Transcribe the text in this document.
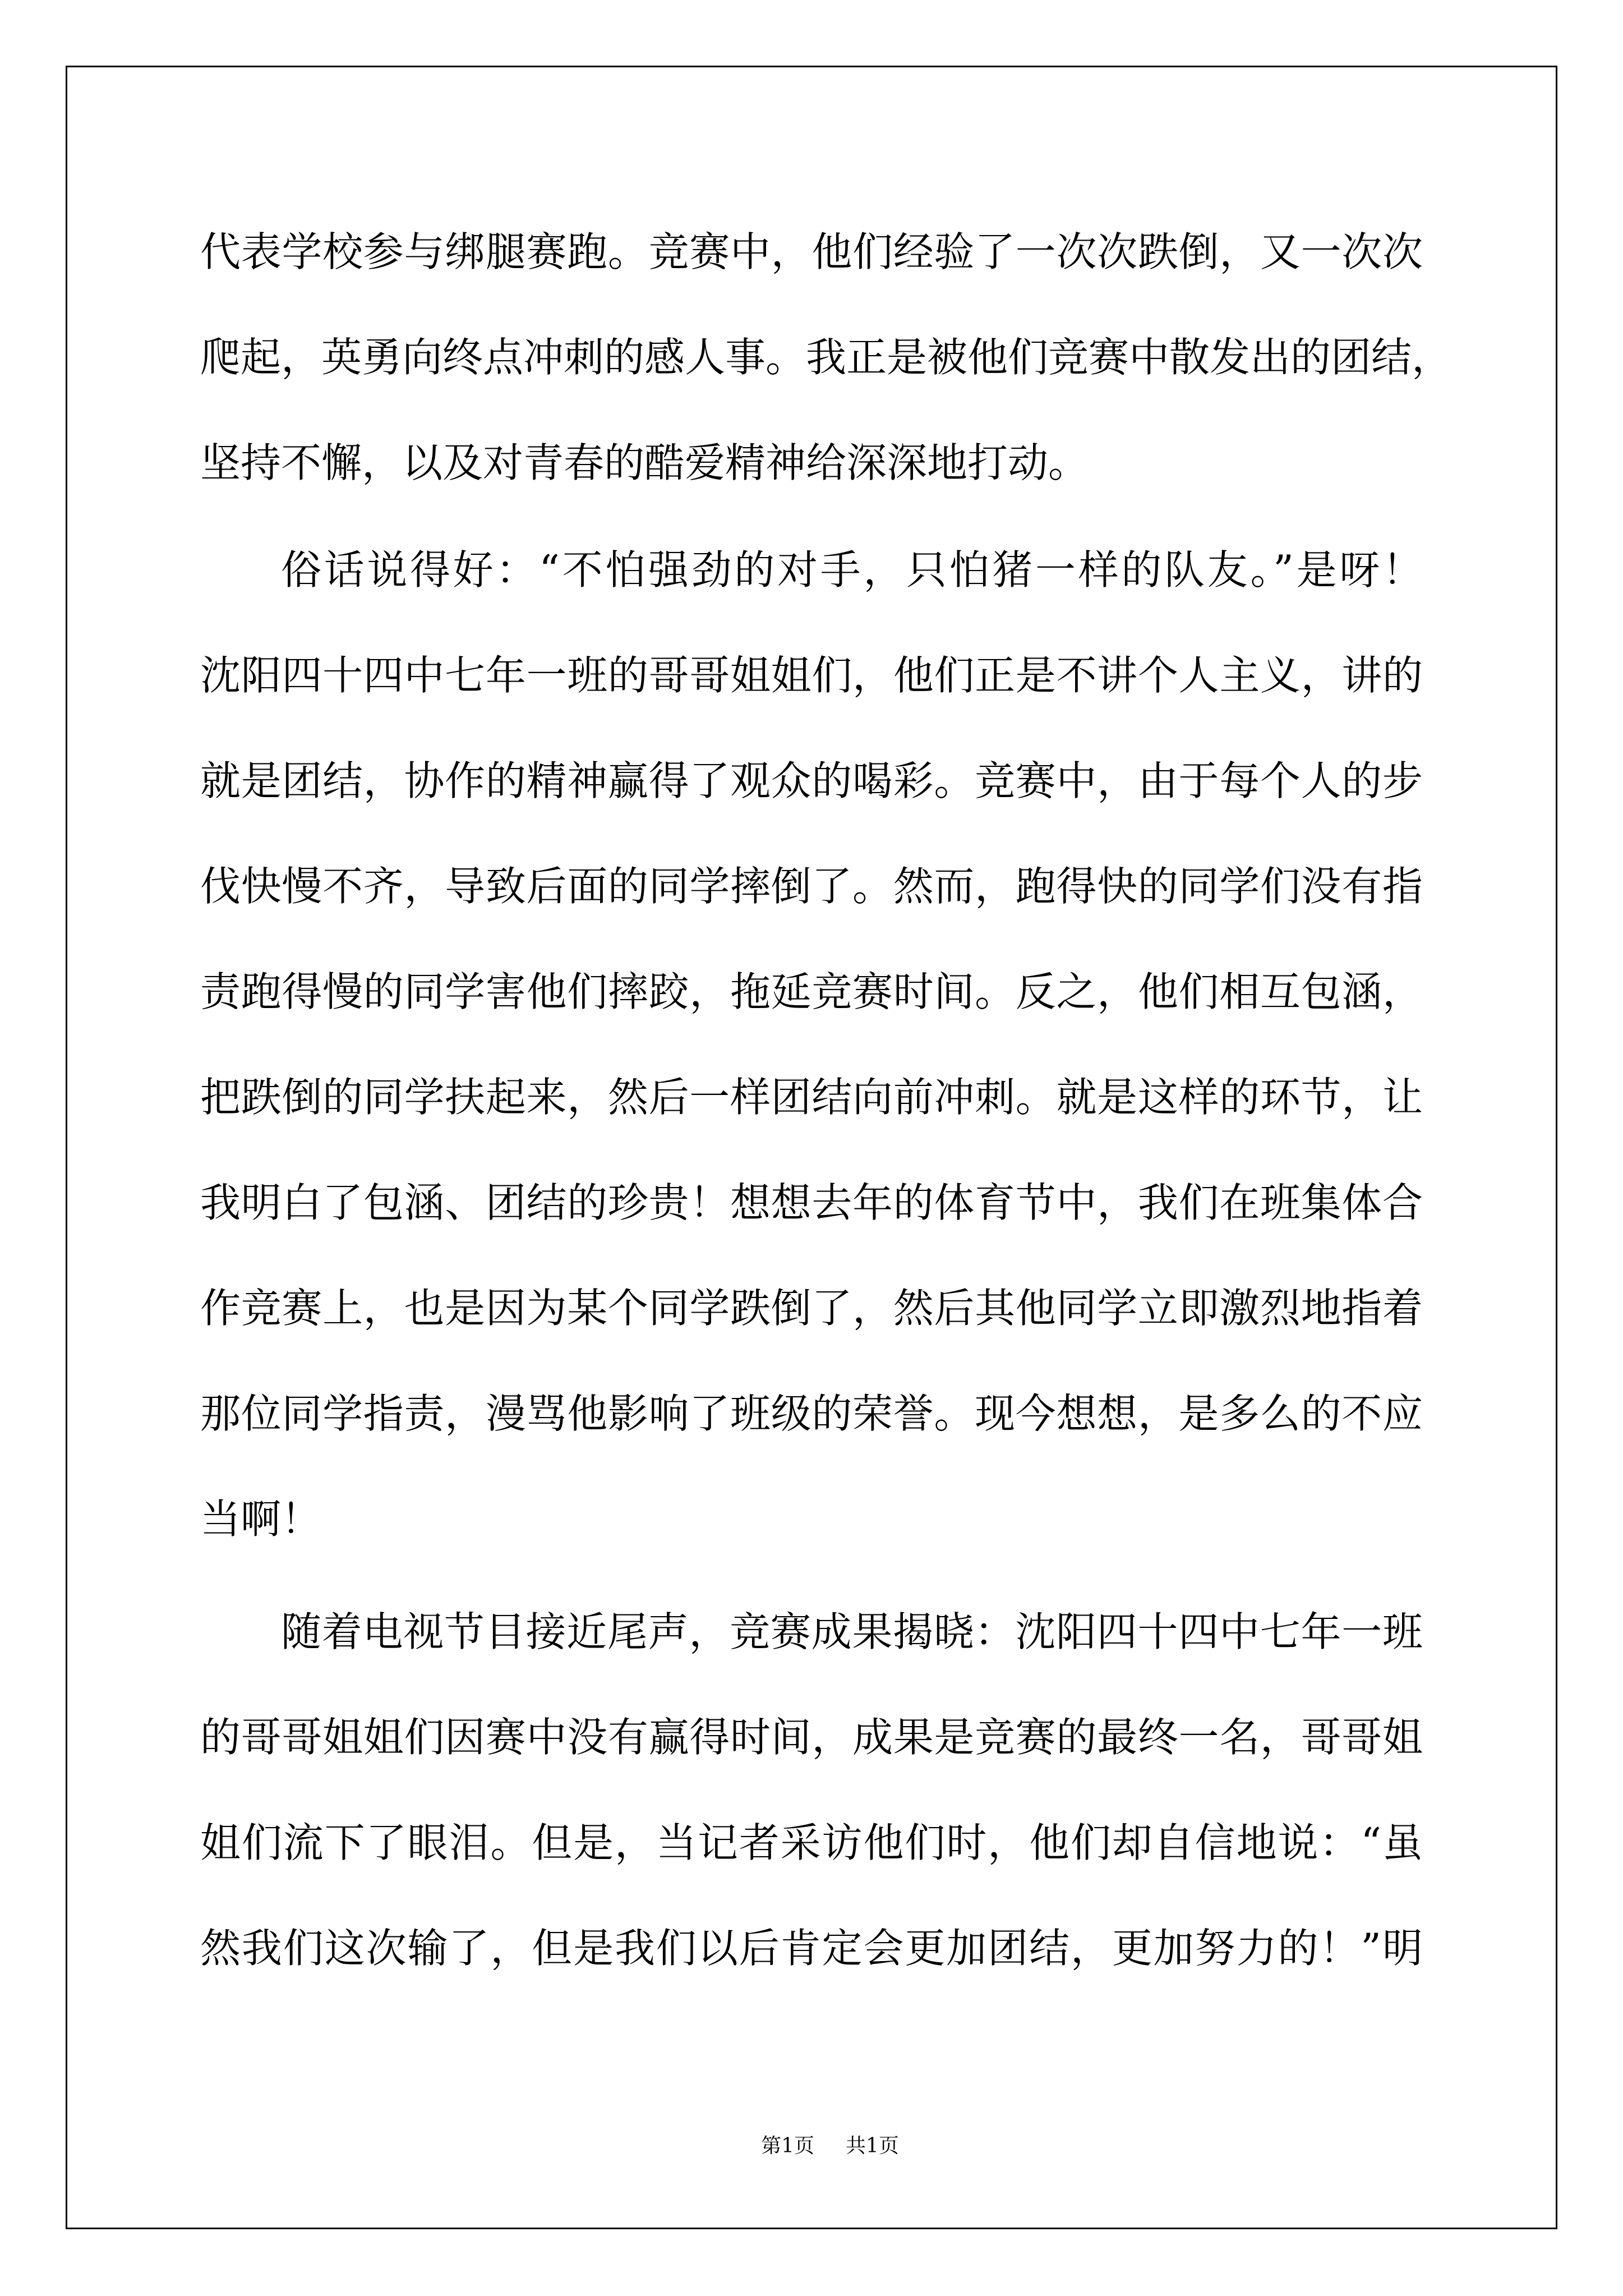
代表学校参与绑腿赛跑。竞赛中，他们经验了一次次跌倒，又一次次
爬起，英勇向终点冲刺的感人事。我正是被他们竞赛中散发出的团结，
坚持不懈，以及对青春的酷爱精神给深深地打动。
俗话说得好：“不怕强劲的对手，只怕猪一样的队友。”是呀！
沈阳四十四中七年一班的哥哥姐姐们，他们正是不讲个人主义，讲的
就是团结，协作的精神赢得了观众的喝彩。竞赛中，由于每个人的步
伐快慢不齐，导致后面的同学摔倒了。然而，跑得快的同学们没有指
责跑得慢的同学害他们摔跤，拖延竞赛时间。反之，他们相互包涵，
把跌倒的同学扶起来，然后一样团结向前冲刺。就是这样的环节，让
我明白了包涵、团结的珍贵！想想去年的体育节中，我们在班集体合
作竞赛上，也是因为某个同学跌倒了，然后其他同学立即激烈地指着
那位同学指责，漫骂他影响了班级的荣誉。现今想想，是多么的不应
当啊！
随着电视节目接近尾声，竞赛成果揭晓：沈阳四十四中七年一班
的哥哥姐姐们因赛中没有赢得时间，成果是竞赛的最终一名，哥哥姐
姐们流下了眼泪。但是，当记者采访他们时，他们却自信地说：“虽
然我们这次输了，但是我们以后肯定会更加团结，更加努力的！”明
第1页 共1页
